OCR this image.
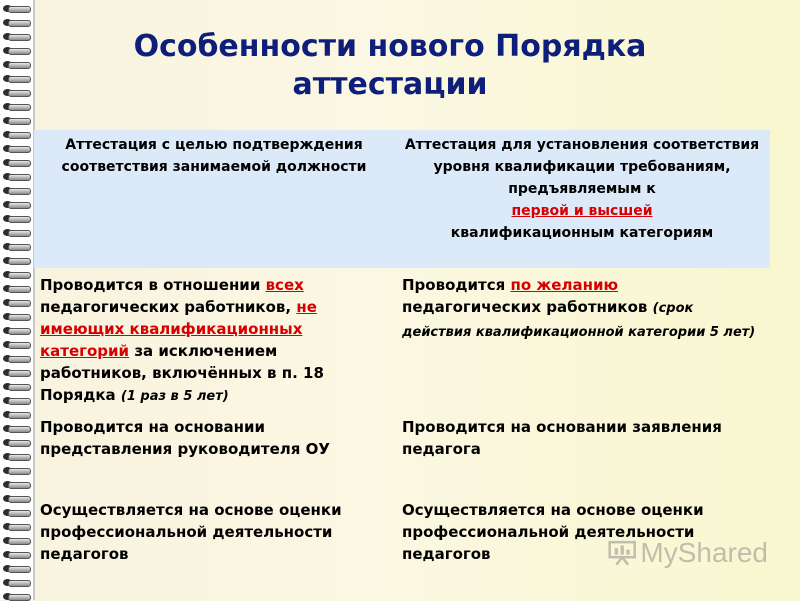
Особенности нового Порядка
аттестации
Аттестация с целью подтверждения соответствия занимаемой должности
Аттестация для установления соответствия уровня квалификации требованиям, предъявляемым к
первой и высшей
квалификационным категориям
Проводится в отношении всех педагогических работников, не имеющих квалификационных категорий за исключением работников, включённых в п. 18 Порядка (1 раз в 5 лет)
Проводится по желанию педагогических работников (срок действия квалификационной категории 5 лет)
Проводится на основании представления руководителя ОУ
Проводится на основании заявления педагога
Осуществляется на основе оценки профессиональной деятельности педагогов
Осуществляется на основе оценки профессиональной деятельности педагогов	MyShared
